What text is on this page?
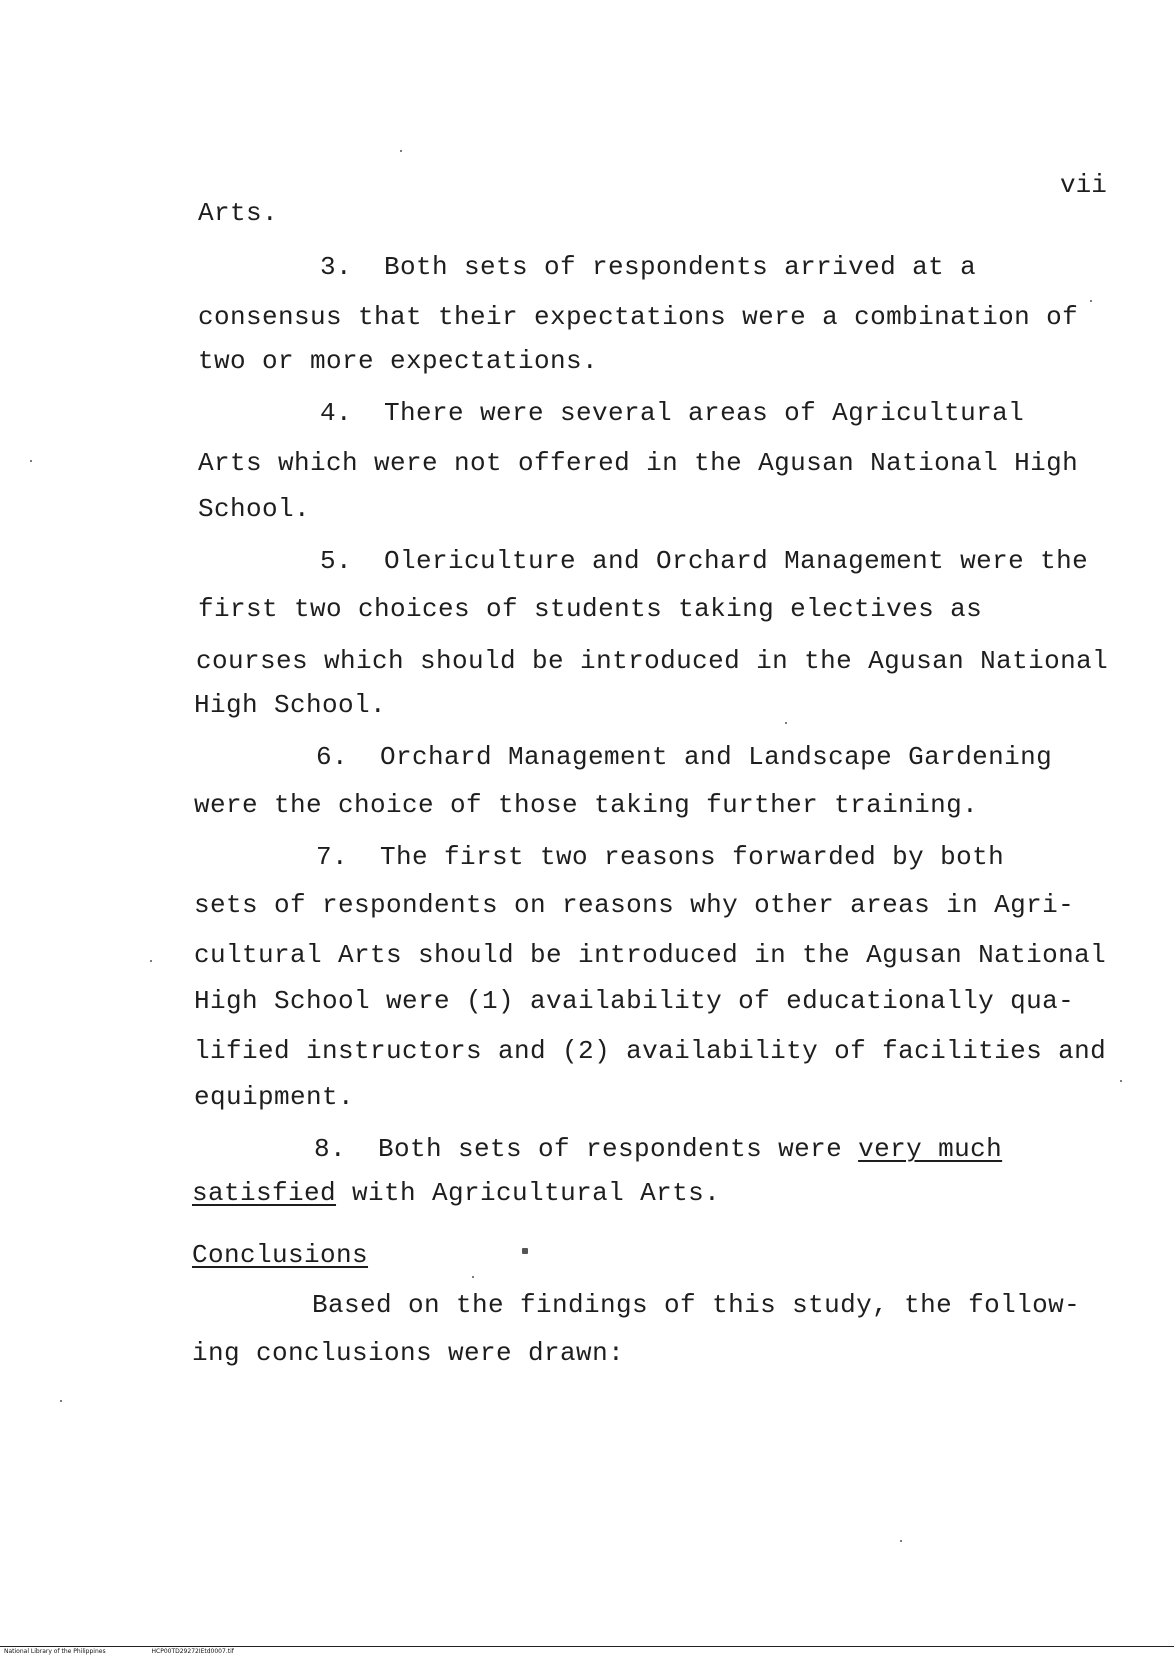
vii
Arts.
3.  Both sets of respondents arrived at a
consensus that their expectations were a combination of
two or more expectations.
4.  There were several areas of Agricultural
Arts which were not offered in the Agusan National High
School.
5.  Olericulture and Orchard Management were the
first two choices of students taking electives as
courses which should be introduced in the Agusan National
High School.
6.  Orchard Management and Landscape Gardening
were the choice of those taking further training.
7.  The first two reasons forwarded by both
sets of respondents on reasons why other areas in Agri-
cultural Arts should be introduced in the Agusan National
High School were (1) availability of educationally qua-
lified instructors and (2) availability of facilities and
equipment.
8.  Both sets of respondents were very much
satisfied with Agricultural Arts.
Conclusions
Based on the findings of this study, the follow-
ing conclusions were drawn:
National Library of the Philippines	HCP00TD29272IEtd0007.tif
